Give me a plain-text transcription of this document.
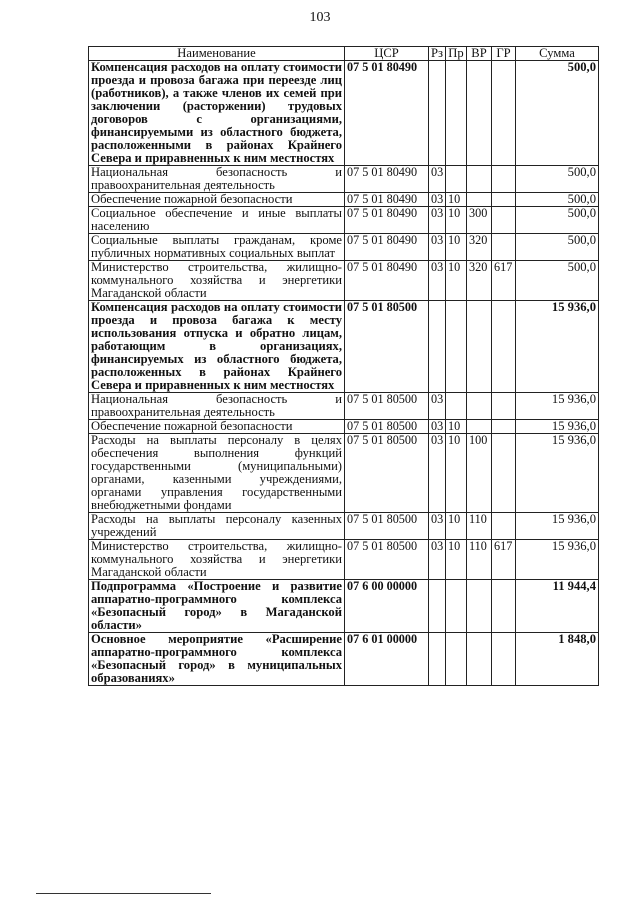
103
Наименование	ЦСР	Рз	Пр	ВР	ГР	Сумма
Компенсация расходов на оплату стоимости проезда и провоза багажа при переезде лиц (работников), а также членов их семей при заключении (расторжении) трудовых договоров с организациями, финансируемыми из областного бюджета, расположенными в районах Крайнего Севера и приравненных к ним местностях	07 5 01 80490					500,0
Национальная безопасность и правоохранительная деятельность	07 5 01 80490	03				500,0
Обеспечение пожарной безопасности	07 5 01 80490	03	10			500,0
Социальное обеспечение и иные выплаты населению	07 5 01 80490	03	10	300		500,0
Социальные выплаты гражданам, кроме публичных нормативных социальных выплат	07 5 01 80490	03	10	320		500,0
Министерство строительства, жилищно-коммунального хозяйства и энергетики Магаданской области	07 5 01 80490	03	10	320	617	500,0
Компенсация расходов на оплату стоимости проезда и провоза багажа к месту использования отпуска и обратно лицам, работающим в организациях, финансируемых из областного бюджета, расположенных в районах Крайнего Севера и приравненных к ним местностях	07 5 01 80500					15 936,0
Национальная безопасность и правоохранительная деятельность	07 5 01 80500	03				15 936,0
Обеспечение пожарной безопасности	07 5 01 80500	03	10			15 936,0
Расходы на выплаты персоналу в целях обеспечения выполнения функций государственными (муниципальными) органами, казенными учреждениями, органами управления государственными внебюджетными фондами	07 5 01 80500	03	10	100		15 936,0
Расходы на выплаты персоналу казенных учреждений	07 5 01 80500	03	10	110		15 936,0
Министерство строительства, жилищно-коммунального хозяйства и энергетики Магаданской области	07 5 01 80500	03	10	110	617	15 936,0
Подпрограмма «Построение и развитие аппаратно-программного комплекса «Безопасный город» в Магаданской области»	07 6 00 00000					11 944,4
Основное мероприятие «Расширение аппаратно-программного комплекса «Безопасный город» в муниципальных образованиях»	07 6 01 00000					1 848,0
